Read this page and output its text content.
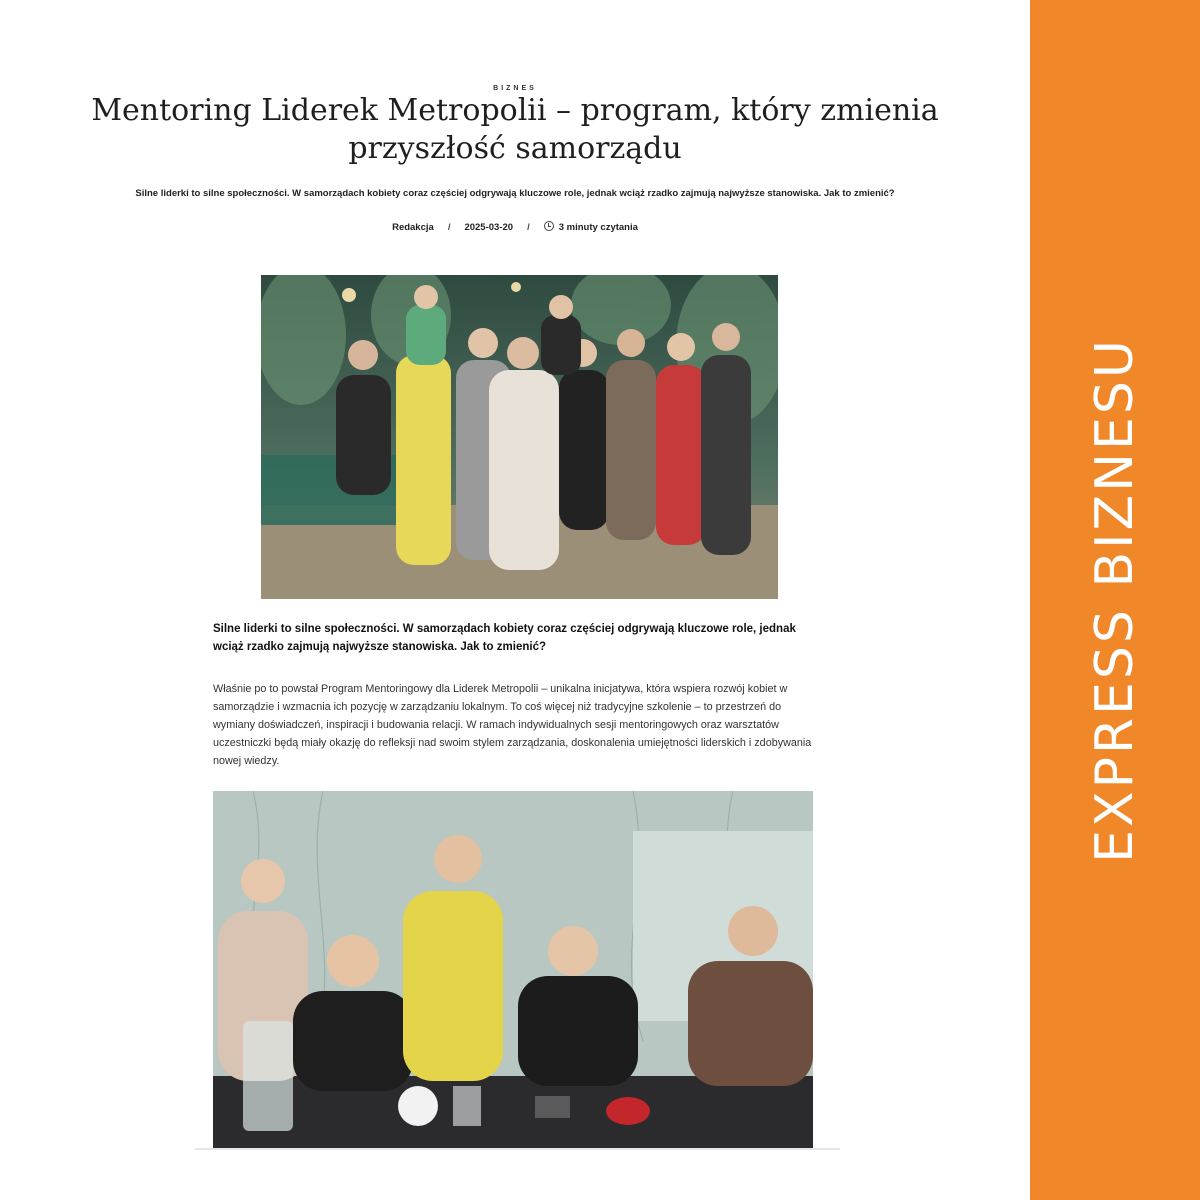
BIZNES
Mentoring Liderek Metropolii – program, który zmienia przyszłość samorządu

Silne liderki to silne społeczności. W samorządach kobiety coraz częściej odgrywają kluczowe role, jednak wciąż rzadko zajmują najwyższe stanowiska. Jak to zmienić?

Redakcja / 2025-03-20 /	3 minuty czytania

Silne liderki to silne społeczności. W samorządach kobiety coraz częściej odgrywają kluczowe role, jednak wciąż rzadko zajmują najwyższe stanowiska. Jak to zmienić?

Właśnie po to powstał Program Mentoringowy dla Liderek Metropolii – unikalna inicjatywa, która wspiera rozwój kobiet w samorządzie i wzmacnia ich pozycję w zarządzaniu lokalnym. To coś więcej niż tradycyjne szkolenie – to przestrzeń do wymiany doświadczeń, inspiracji i budowania relacji. W ramach indywidualnych sesji mentoringowych oraz warsztatów uczestniczki będą miały okazję do refleksji nad swoim stylem zarządzania, doskonalenia umiejętności liderskich i zdobywania nowej wiedzy.	EXPRESS BIZNESU
